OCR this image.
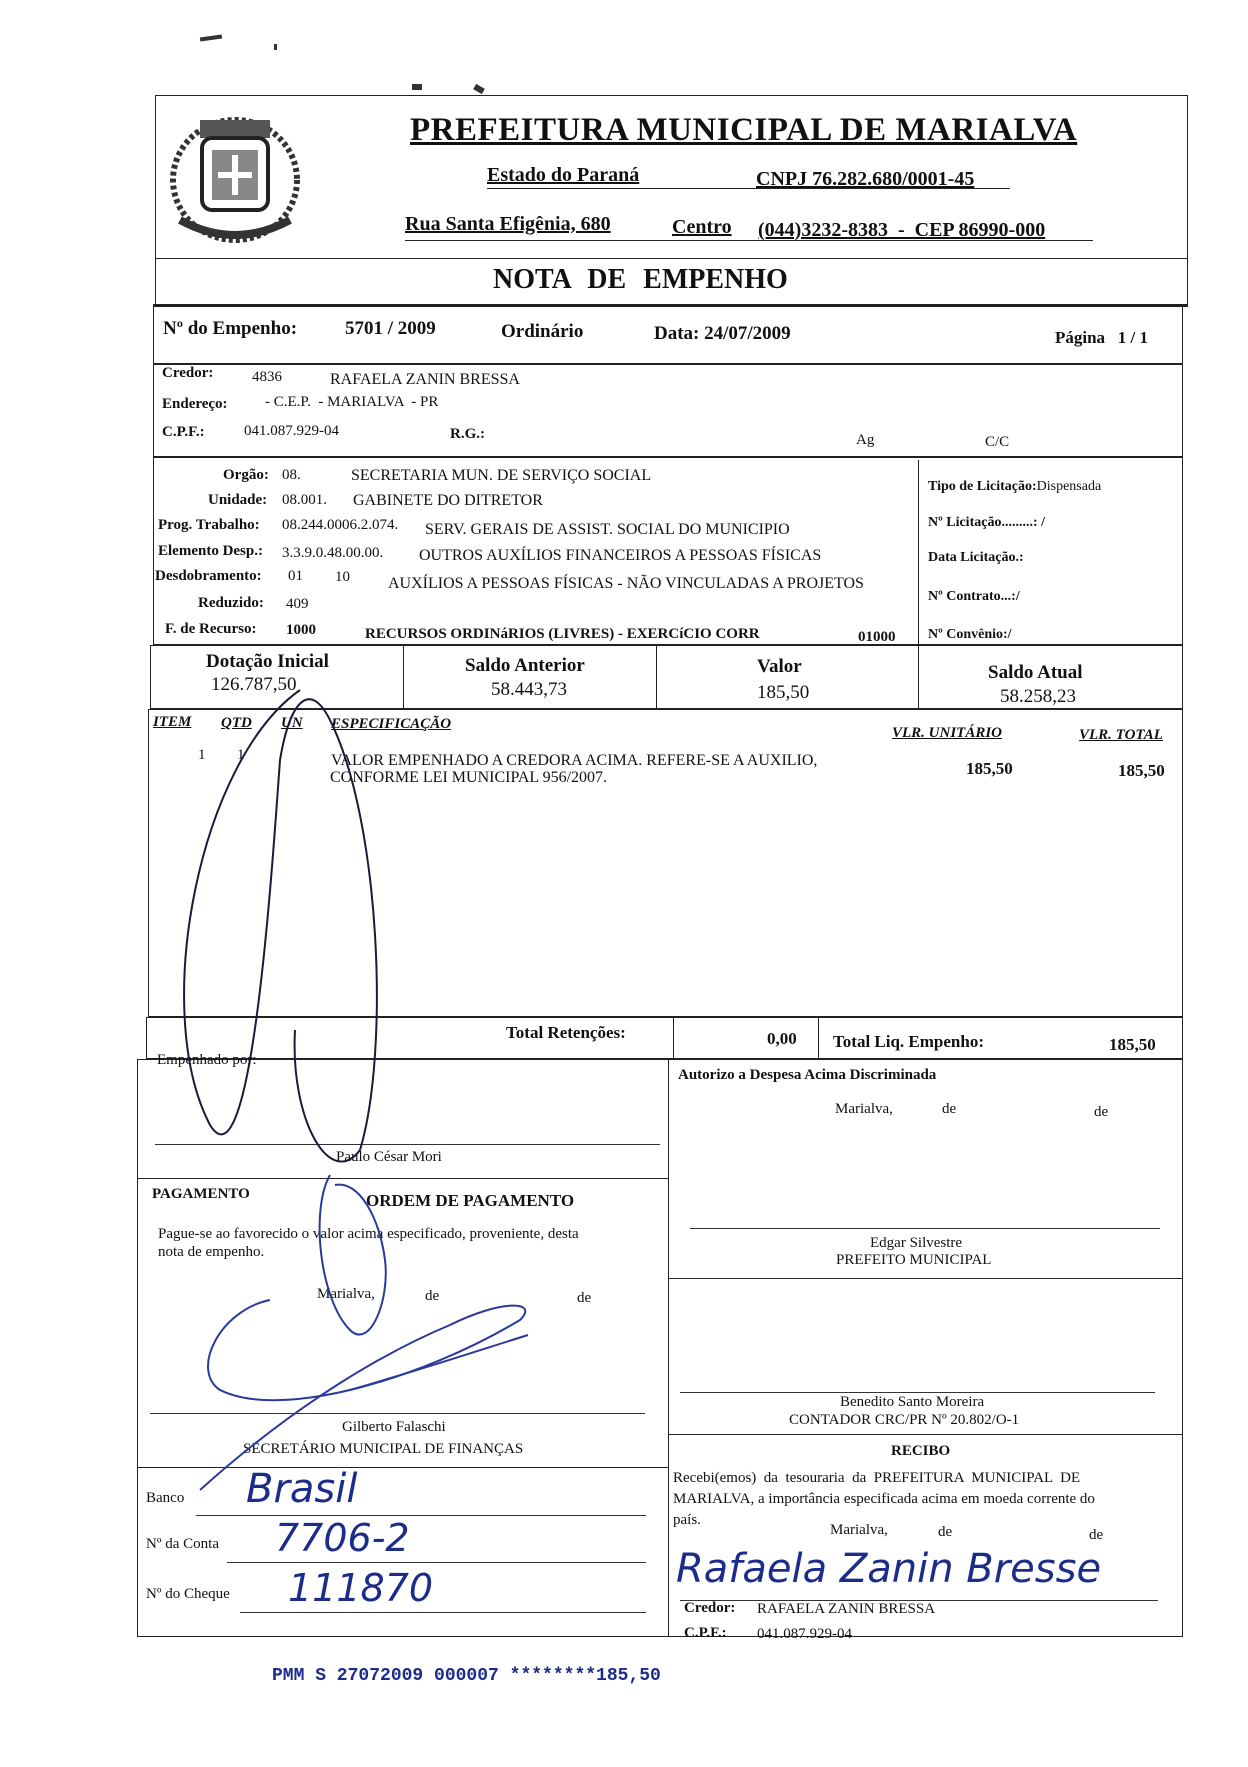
PREFEITURA MUNICIPAL DE MARIALVA
Estado do Paraná	CNPJ 76.282.680/0001-45
Rua Santa Efigênia, 680	Centro (044)3232-8383  -  CEP 86990-000
NOTA DE EMPENHO
Nº do Empenho:	5701 / 2009	Ordinário	Data: 24/07/2009	Página   1 / 1
Credor:	4836	RAFAELA ZANIN BRESSA
Endereço: - C.E.P.  - MARIALVA  - PR
C.P.F.:	041.087.929-04	R.G.:	Ag	C/C
Orgão: 08.	SECRETARIA MUN. DE SERVIÇO SOCIAL
Unidade: 08.001. GABINETE DO DITRETOR
Prog. Trabalho: 08.244.0006.2.074. SERV. GERAIS DE ASSIST. SOCIAL DO MUNICIPIO
Elemento Desp.: 3.3.9.0.48.00.00. OUTROS AUXÍLIOS FINANCEIROS A PESSOAS FÍSICAS
Desdobramento: 01 10 AUXÍLIOS A PESSOAS FÍSICAS - NÃO VINCULADAS A PROJETOS
Reduzido: 409
F. de Recurso: 1000	RECURSOS ORDINáRIOS (LIVRES) - EXERCíCIO CORR	01000
Tipo de Licitação:Dispensada
Nº Licitação.........: /
Data Licitação.:
Nº Contrato...:/
Nº Convênio:/
Dotação Inicial
126.787,50
Saldo Anterior
58.443,73
Valor
185,50
Saldo Atual
58.258,23
ITEM QTD UN ESPECIFICAÇÃO
VLR. UNITÁRIO	VLR. TOTAL
1 1	VALOR EMPENHADO A CREDORA ACIMA. REFERE-SE A AUXILIO,
CONFORME LEI MUNICIPAL 956/2007.	185,50	185,50
Total Retenções:	0,00 Total Liq. Empenho:	185,50
Empenhado por:
Paulo César Mori
PAGAMENTO	ORDEM DE PAGAMENTO
Pague-se ao favorecido o valor acima especificado, proveniente, desta
nota de empenho.
Marialva,	de	de
Gilberto Falaschi
SECRETÁRIO MUNICIPAL DE FINANÇAS
Banco Brasil
Nº da Conta 7706-2
Nº do Cheque 111870
Autorizo a Despesa Acima Discriminada
Marialva,	de	de
Edgar Silvestre
PREFEITO MUNICIPAL
Benedito Santo Moreira
CONTADOR CRC/PR Nº 20.802/O-1
RECIBO
Recebi(emos)  da  tesouraria  da  PREFEITURA  MUNICIPAL  DE
MARIALVA, a importância especificada acima em moeda corrente do
país.
Marialva,	de	de
Rafaela Zanin Bresse
Credor: RAFAELA ZANIN BRESSA
C.P.F.: 041.087.929-04
PMM S 27072009 000007 ********185,50
